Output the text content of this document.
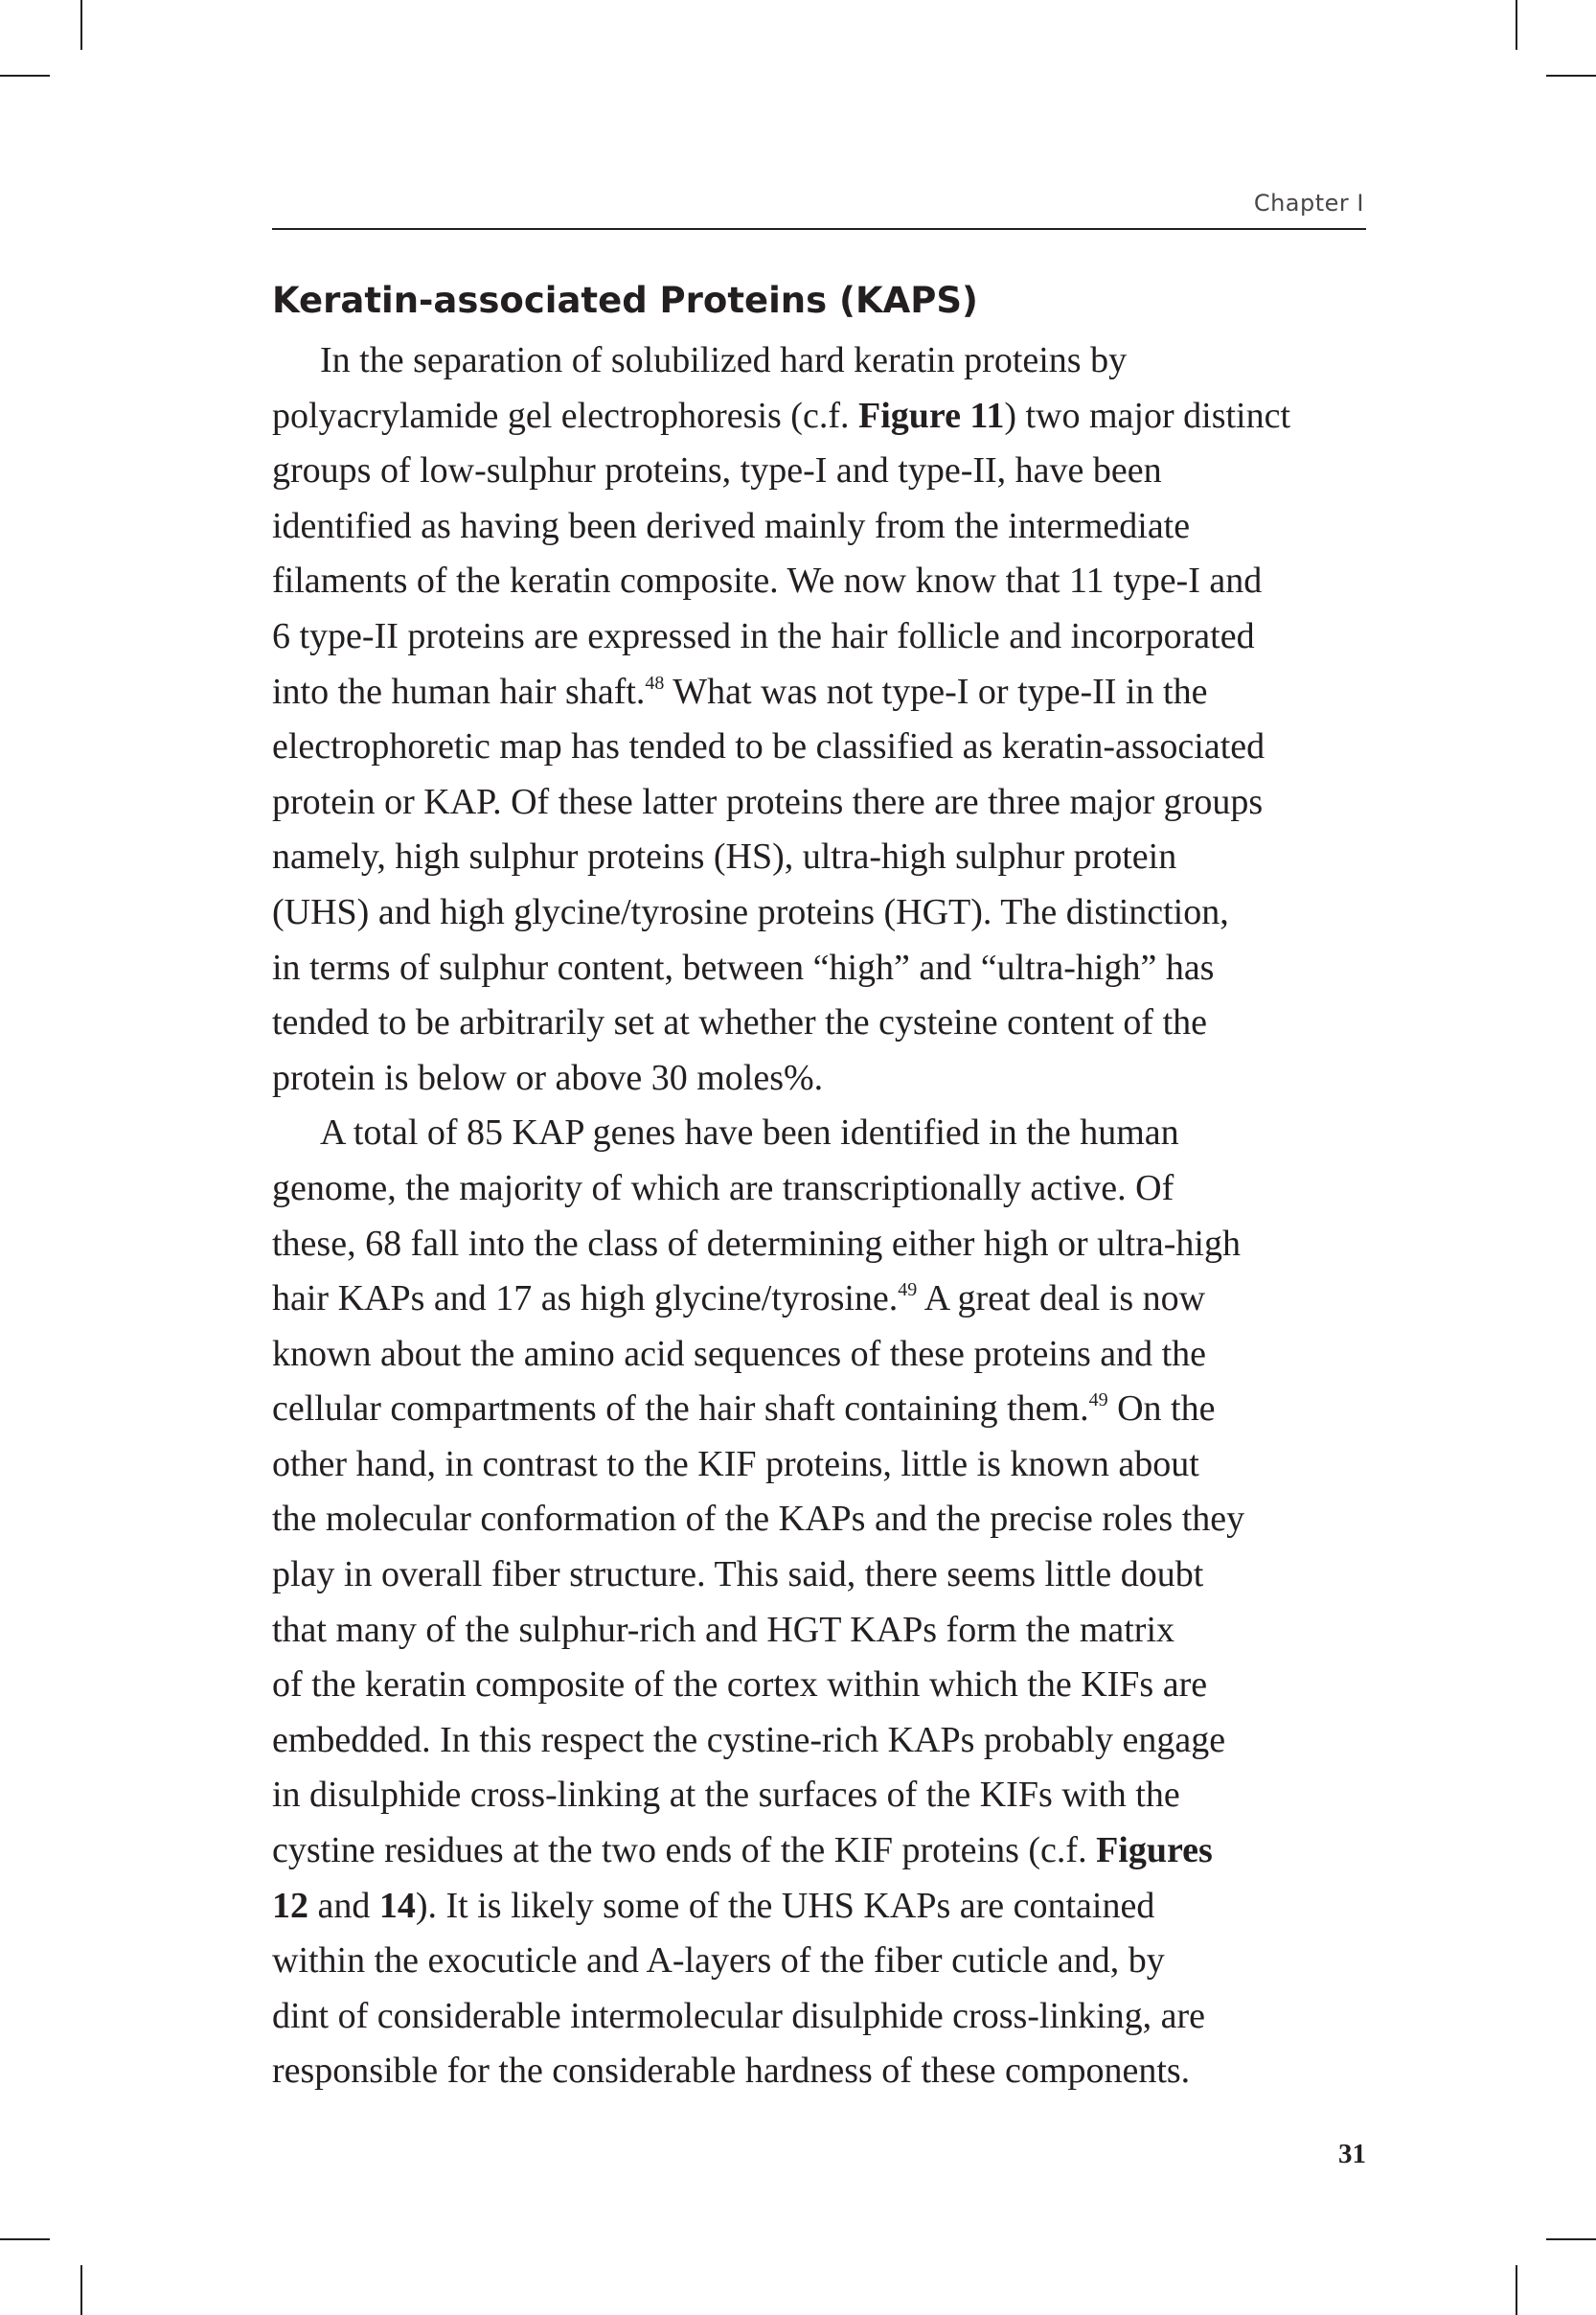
Chapter I
Keratin-associated Proteins (KAPS)
In the separation of solubilized hard keratin proteins by
polyacrylamide gel electrophoresis (c.f. Figure 11) two major distinct
groups of low-sulphur proteins, type-I and type-II, have been
identified as having been derived mainly from the intermediate
filaments of the keratin composite. We now know that 11 type-I and
6 type-II proteins are expressed in the hair follicle and incorporated
into the human hair shaft.$^{48}$ What was not type-I or type-II in the
electrophoretic map has tended to be classified as keratin-associated
protein or KAP. Of these latter proteins there are three major groups
namely, high sulphur proteins (HS), ultra-high sulphur protein
(UHS) and high glycine/tyrosine proteins (HGT). The distinction,
in terms of sulphur content, between “high” and “ultra-high” has
tended to be arbitrarily set at whether the cysteine content of the
protein is below or above 30 moles%.
A total of 85 KAP genes have been identified in the human
genome, the majority of which are transcriptionally active. Of
these, 68 fall into the class of determining either high or ultra-high
hair KAPs and 17 as high glycine/tyrosine.$^{49}$ A great deal is now
known about the amino acid sequences of these proteins and the
cellular compartments of the hair shaft containing them.$^{49}$ On the
other hand, in contrast to the KIF proteins, little is known about
the molecular conformation of the KAPs and the precise roles they
play in overall fiber structure. This said, there seems little doubt
that many of the sulphur-rich and HGT KAPs form the matrix
of the keratin composite of the cortex within which the KIFs are
embedded. In this respect the cystine-rich KAPs probably engage
in disulphide cross-linking at the surfaces of the KIFs with the
cystine residues at the two ends of the KIF proteins (c.f. Figures
12 and 14). It is likely some of the UHS KAPs are contained
within the exocuticle and A-layers of the fiber cuticle and, by
dint of considerable intermolecular disulphide cross-linking, are
responsible for the considerable hardness of these components.
31
